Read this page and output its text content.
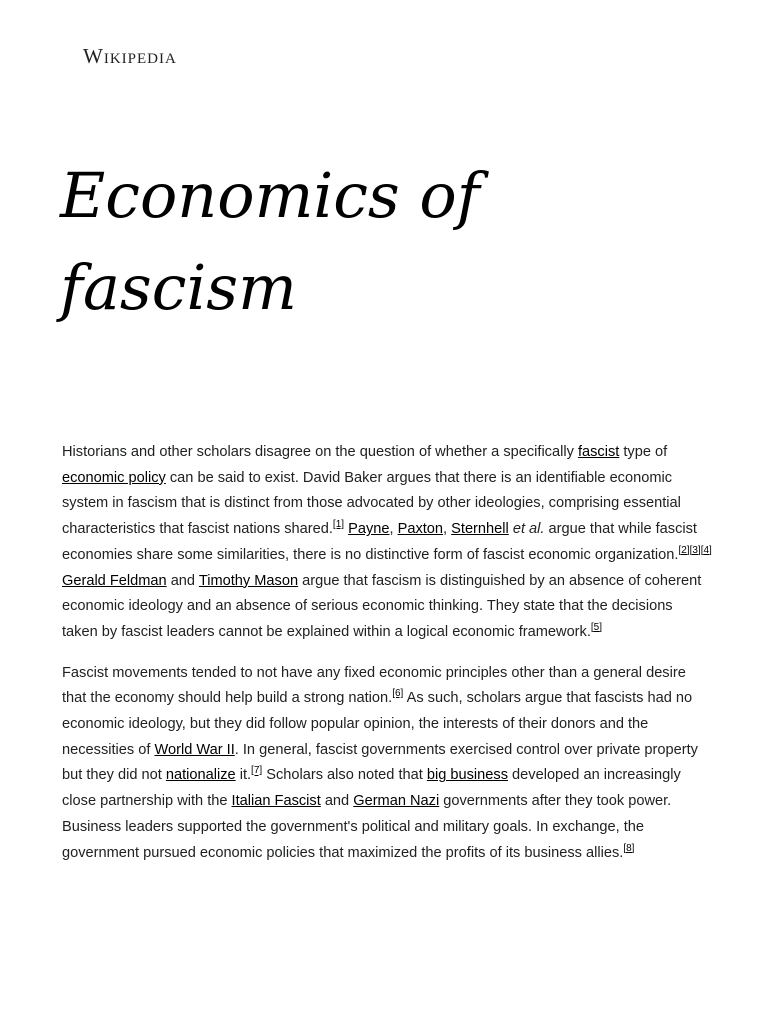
Wikipedia
Economics of fascism

Historians and other scholars disagree on the question of whether a specifically fascist type of economic policy can be said to exist. David Baker argues that there is an identifiable economic system in fascism that is distinct from those advocated by other ideologies, comprising essential characteristics that fascist nations shared.[1] Payne, Paxton, Sternhell et al. argue that while fascist economies share some similarities, there is no distinctive form of fascist economic organization.[2][3][4] Gerald Feldman and Timothy Mason argue that fascism is distinguished by an absence of coherent economic ideology and an absence of serious economic thinking. They state that the decisions taken by fascist leaders cannot be explained within a logical economic framework.[5]

Fascist movements tended to not have any fixed economic principles other than a general desire that the economy should help build a strong nation.[6] As such, scholars argue that fascists had no economic ideology, but they did follow popular opinion, the interests of their donors and the necessities of World War II. In general, fascist governments exercised control over private property but they did not nationalize it.[7] Scholars also noted that big business developed an increasingly close partnership with the Italian Fascist and German Nazi governments after they took power. Business leaders supported the government's political and military goals. In exchange, the government pursued economic policies that maximized the profits of its business allies.[8]
